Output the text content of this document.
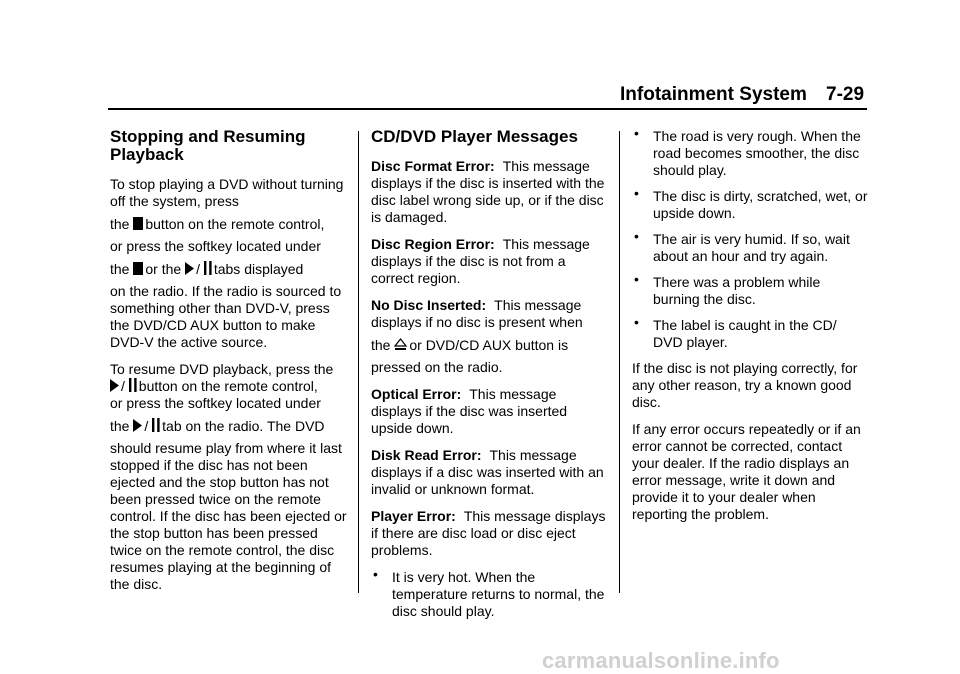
Infotainment System 7-29
Stopping and Resuming Playback

To stop playing a DVD without turning off the system, press
the button on the remote control,
or press the softkey located under
the or the / tabs displayed
on the radio. If the radio is sourced to something other than DVD-V, press the DVD/CD AUX button to make DVD-V the active source.

To resume DVD playback, press the
/ button on the remote control,
or press the softkey located under
the / tab on the radio. The DVD
should resume play from where it last stopped if the disc has not been ejected and the stop button has not been pressed twice on the remote control. If the disc has been ejected or the stop button has been pressed twice on the remote control, the disc resumes playing at the beginning of the disc.

CD/DVD Player Messages

Disc Format Error: This message displays if the disc is inserted with the disc label wrong side up, or if the disc is damaged.

Disc Region Error: This message displays if the disc is not from a correct region.

No Disc Inserted: This message displays if no disc is present when
the or DVD/CD AUX button is
pressed on the radio.

Optical Error: This message displays if the disc was inserted upside down.

Disk Read Error: This message displays if a disc was inserted with an invalid or unknown format.

Player Error: This message displays if there are disc load or disc eject problems.

• It is very hot. When the temperature returns to normal, the disc should play.
• The road is very rough. When the road becomes smoother, the disc should play.
• The disc is dirty, scratched, wet, or upside down.
• The air is very humid. If so, wait about an hour and try again.
• There was a problem while burning the disc.
• The label is caught in the CD/ DVD player.

If the disc is not playing correctly, for any other reason, try a known good disc.

If any error occurs repeatedly or if an error cannot be corrected, contact your dealer. If the radio displays an error message, write it down and provide it to your dealer when reporting the problem.

carmanualsonline.info
